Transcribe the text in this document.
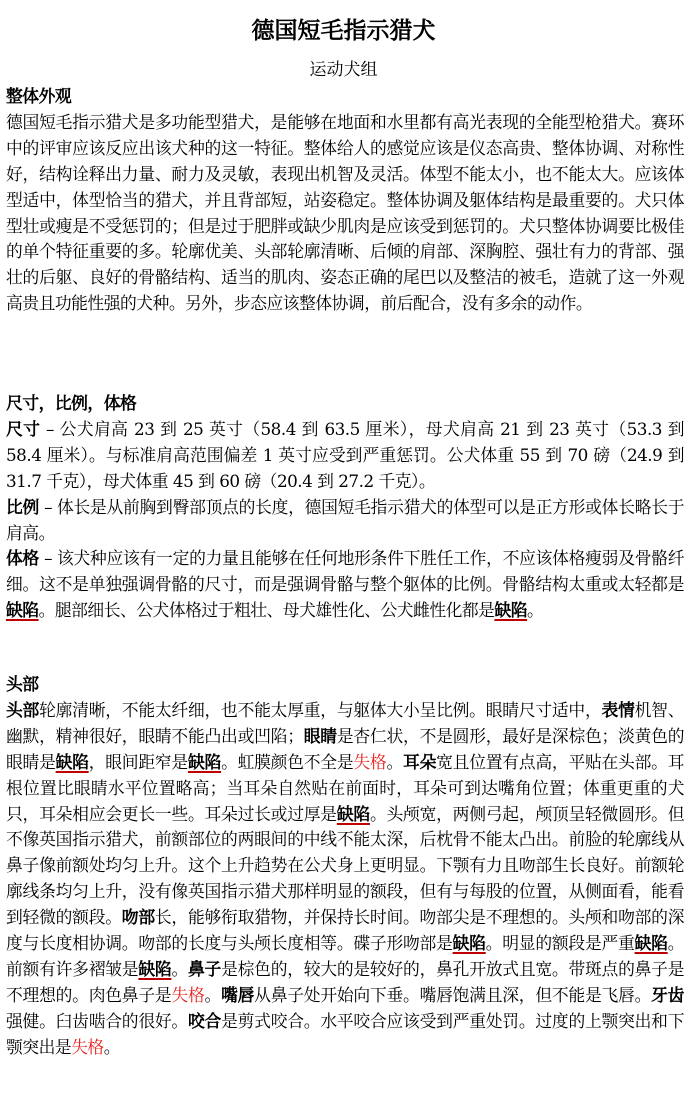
德国短毛指示猎犬
运动犬组
整体外观
德国短毛指示猎犬是多功能型猎犬，是能够在地面和水里都有高光表现的全能型枪猎犬。赛环中的评审应该反应出该犬种的这一特征。整体给人的感觉应该是仪态高贵、整体协调、对称性好，结构诠释出力量、耐力及灵敏，表现出机智及灵活。体型不能太小，也不能太大。应该体型适中，体型恰当的猎犬，并且背部短，站姿稳定。整体协调及躯体结构是最重要的。犬只体型壮或瘦是不受惩罚的；但是过于肥胖或缺少肌肉是应该受到惩罚的。犬只整体协调要比极佳的单个特征重要的多。轮廓优美、头部轮廓清晰、后倾的肩部、深胸腔、强壮有力的背部、强壮的后躯、良好的骨骼结构、适当的肌肉、姿态正确的尾巴以及整洁的被毛，造就了这一外观高贵且功能性强的犬种。另外，步态应该整体协调，前后配合，没有多余的动作。
尺寸，比例，体格
尺寸 – 公犬肩高 23 到 25 英寸（58.4 到 63.5 厘米），母犬肩高 21 到 23 英寸（53.3 到 58.4 厘米）。与标准肩高范围偏差 1 英寸应受到严重惩罚。公犬体重 55 到 70 磅（24.9 到 31.7 千克），母犬体重 45 到 60 磅（20.4 到 27.2 千克）。
比例 – 体长是从前胸到臀部顶点的长度，德国短毛指示猎犬的体型可以是正方形或体长略长于肩高。
体格 – 该犬种应该有一定的力量且能够在任何地形条件下胜任工作，不应该体格瘦弱及骨骼纤细。这不是单独强调骨骼的尺寸，而是强调骨骼与整个躯体的比例。骨骼结构太重或太轻都是缺陷。腿部细长、公犬体格过于粗壮、母犬雄性化、公犬雌性化都是缺陷。
头部
头部轮廓清晰，不能太纤细，也不能太厚重，与躯体大小呈比例。眼睛尺寸适中，表情机智、幽默，精神很好，眼睛不能凸出或凹陷；眼睛是杏仁状，不是圆形，最好是深棕色；淡黄色的眼睛是缺陷，眼间距窄是缺陷。虹膜颜色不全是失格。耳朵宽且位置有点高，平贴在头部。耳根位置比眼睛水平位置略高；当耳朵自然贴在前面时，耳朵可到达嘴角位置；体重更重的犬只，耳朵相应会更长一些。耳朵过长或过厚是缺陷。头颅宽，两侧弓起，颅顶呈轻微圆形。但不像英国指示猎犬，前额部位的两眼间的中线不能太深，后枕骨不能太凸出。前脸的轮廓线从鼻子像前额处均匀上升。这个上升趋势在公犬身上更明显。下颚有力且吻部生长良好。前额轮廓线条均匀上升，没有像英国指示猎犬那样明显的额段，但有与每股的位置，从侧面看，能看到轻微的额段。吻部长，能够衔取猎物，并保持长时间。吻部尖是不理想的。头颅和吻部的深度与长度相协调。吻部的长度与头颅长度相等。碟子形吻部是缺陷。明显的额段是严重缺陷。前额有许多褶皱是缺陷。鼻子是棕色的，较大的是较好的，鼻孔开放式且宽。带斑点的鼻子是不理想的。肉色鼻子是失格。嘴唇从鼻子处开始向下垂。嘴唇饱满且深，但不能是飞唇。牙齿强健。臼齿啮合的很好。咬合是剪式咬合。水平咬合应该受到严重处罚。过度的上颚突出和下颚突出是失格。
